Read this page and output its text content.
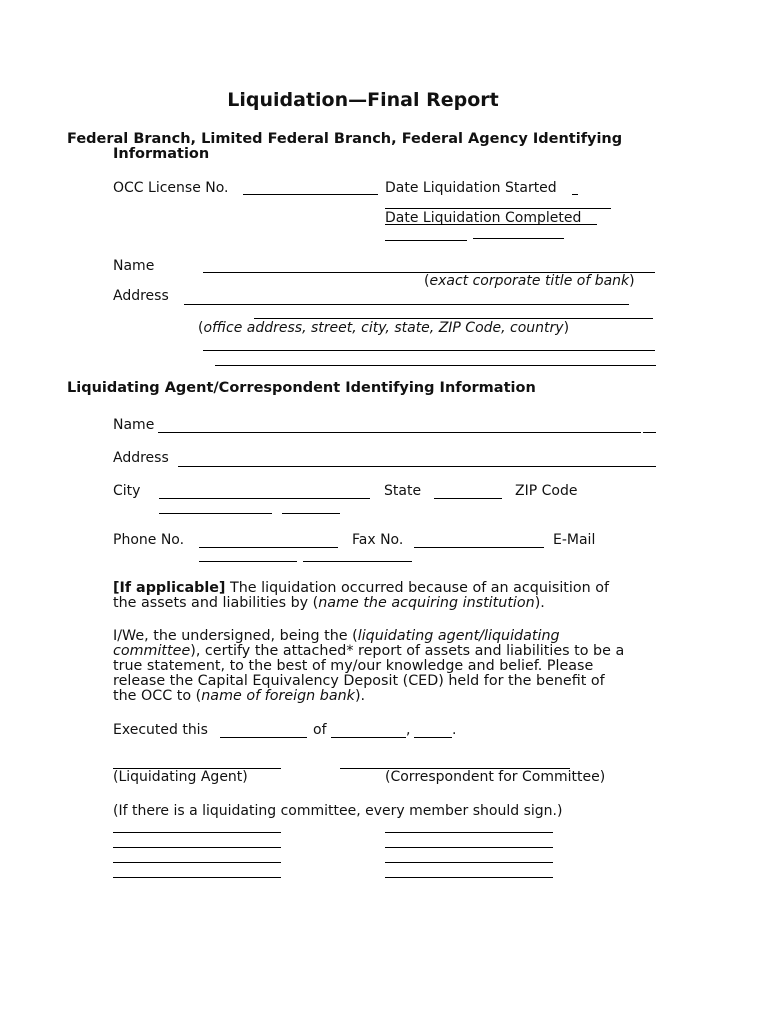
Liquidation—Final Report
Federal Branch, Limited Federal Branch, Federal Agency Identifying
Information
OCC License No.	Date Liquidation Started
Date Liquidation Completed
Name
(exact corporate title of bank)
Address
(office address, street, city, state, ZIP Code, country)
Liquidating Agent/Correspondent Identifying Information
Name
Address
City	State	ZIP Code
Phone No.	Fax No.	E-Mail
[If applicable] The liquidation occurred because of an acquisition of
the assets and liabilities by (name the acquiring institution).
I/We, the undersigned, being the (liquidating agent/liquidating
committee), certify the attached* report of assets and liabilities to be a
true statement, to the best of my/our knowledge and belief. Please
release the Capital Equivalency Deposit (CED) held for the benefit of
the OCC to (name of foreign bank).
Executed this	of	,	.
(Liquidating Agent)	(Correspondent for Committee)
(If there is a liquidating committee, every member should sign.)
